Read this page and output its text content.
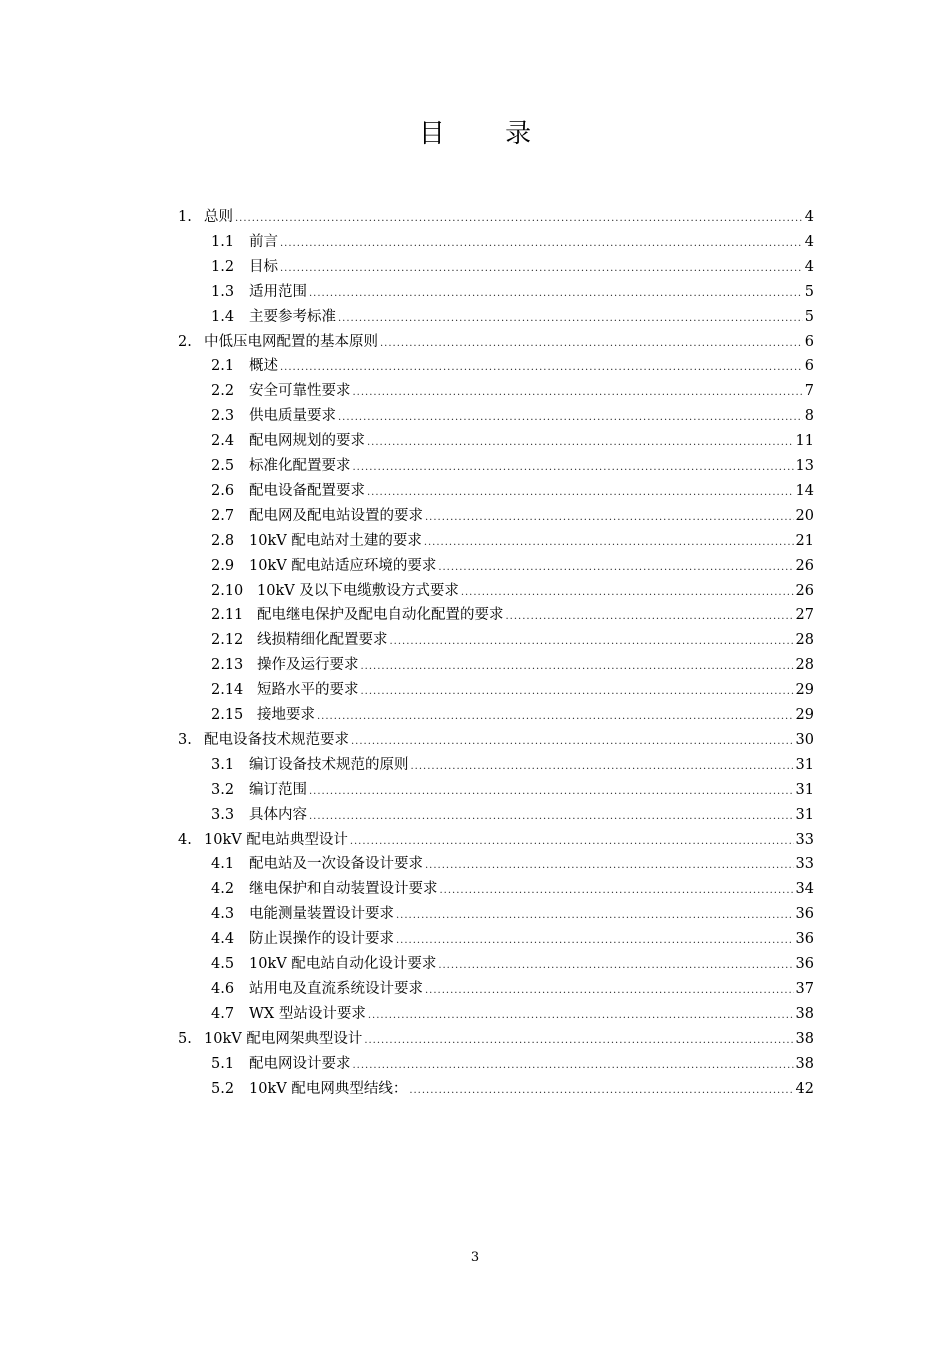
目 录
1. 总则 .....	4
1.1 前言 .....	4
1.2 目标 .....	4
1.3 适用范围 .....	5
1.4 主要参考标准 .....	5
2. 中低压电网配置的基本原则 .....	6
2.1 概述 .....	6
2.2 安全可靠性要求 .....	7
2.3 供电质量要求 .....	8
2.4 配电网规划的要求 .....	11
2.5 标准化配置要求 .....	13
2.6 配电设备配置要求 .....	14
2.7 配电网及配电站设置的要求 .....	20
2.8 10kV 配电站对土建的要求 .....	21
2.9 10kV 配电站适应环境的要求 .....	26
2.10 10kV 及以下电缆敷设方式要求 .....	26
2.11 配电继电保护及配电自动化配置的要求 .....	27
2.12 线损精细化配置要求 .....	28
2.13 操作及运行要求 .....	28
2.14 短路水平的要求 .....	29
2.15 接地要求 .....	29
3. 配电设备技术规范要求 .....	30
3.1 编订设备技术规范的原则 .....	31
3.2 编订范围 .....	31
3.3 具体内容 .....	31
4. 10kV 配电站典型设计 .....	33
4.1 配电站及一次设备设计要求 .....	33
4.2 继电保护和自动装置设计要求 .....	34
4.3 电能测量装置设计要求 .....	36
4.4 防止误操作的设计要求 .....	36
4.5 10kV 配电站自动化设计要求 .....	36
4.6 站用电及直流系统设计要求 .....	37
4.7 WX 型站设计要求 .....	38
5. 10kV 配电网架典型设计 .....	38
5.1 配电网设计要求 .....	38
5.2 10kV 配电网典型结线： .....	42
3
